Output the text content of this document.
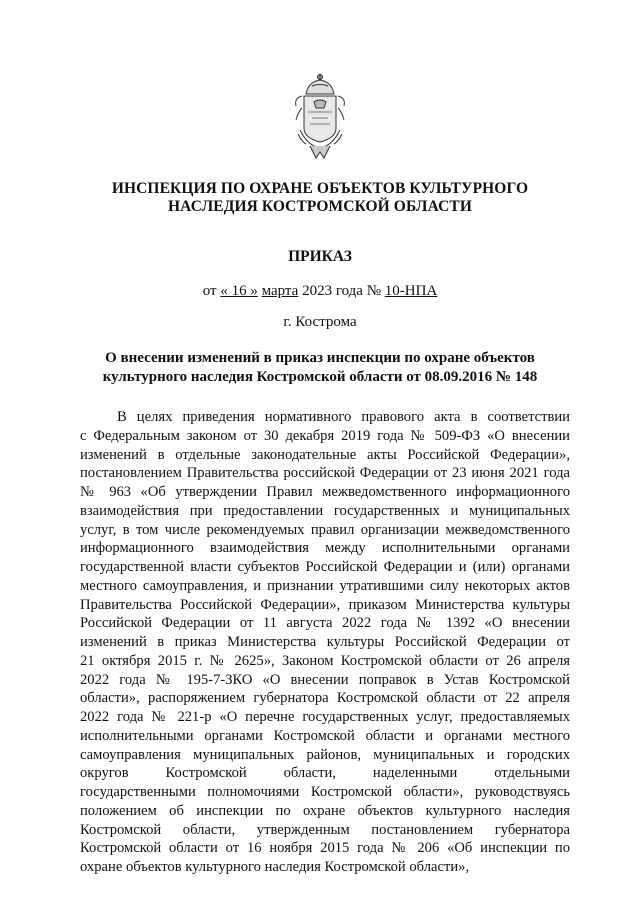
ИНСПЕКЦИЯ ПО ОХРАНЕ ОБЪЕКТОВ КУЛЬТУРНОГО
НАСЛЕДИЯ КОСТРОМСКОЙ ОБЛАСТИ
ПРИКАЗ
от « 16 » марта 2023 года № 10-НПА
г. Кострома
О внесении изменений в приказ инспекции по охране объектов
культурного наследия Костромской области от 08.09.2016 № 148
В целях приведения нормативного правового акта в соответствии
с Федеральным законом от 30 декабря 2019 года № 509-ФЗ «О внесении
изменений в отдельные законодательные акты Российской Федерации»,
постановлением Правительства российской Федерации от 23 июня 2021 года
№ 963 «Об утверждении Правил межведомственного информационного
взаимодействия при предоставлении государственных и муниципальных
услуг, в том числе рекомендуемых правил организации межведомственного
информационного взаимодействия между исполнительными органами
государственной власти субъектов Российской Федерации и (или) органами
местного самоуправления, и признании утратившими силу некоторых актов
Правительства Российской Федерации», приказом Министерства культуры
Российской Федерации от 11 августа 2022 года № 1392 «О внесении
изменений в приказ Министерства культуры Российской Федерации от
21 октября 2015 г. № 2625», Законом Костромской области от 26 апреля
2022 года № 195-7-ЗКО «О внесении поправок в Устав Костромской
области», распоряжением губернатора Костромской области от 22 апреля
2022 года № 221-р «О перечне государственных услуг, предоставляемых
исполнительными органами Костромской области и органами местного
самоуправления муниципальных районов, муниципальных и городских
округов Костромской области, наделенными отдельными
государственными полномочиями Костромской области», руководствуясь
положением об инспекции по охране объектов культурного наследия
Костромской области, утвержденным постановлением губернатора
Костромской области от 16 ноября 2015 года № 206 «Об инспекции по
охране объектов культурного наследия Костромской области»,
